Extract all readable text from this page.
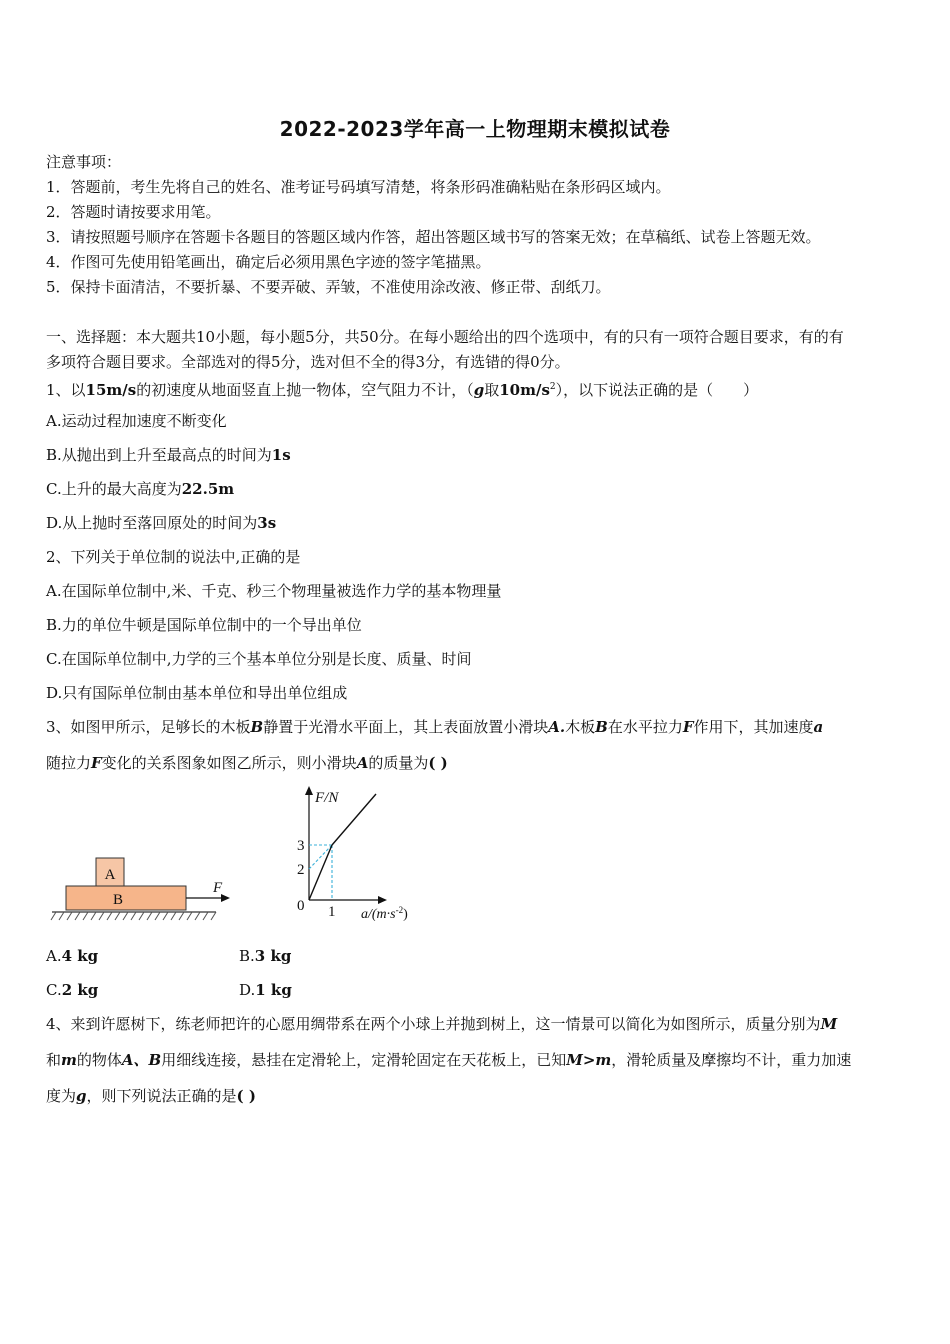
2022-2023学年高一上物理期末模拟试卷
注意事项：
1．答题前，考生先将自己的姓名、准考证号码填写清楚，将条形码准确粘贴在条形码区域内。
2．答题时请按要求用笔。
3．请按照题号顺序在答题卡各题目的答题区域内作答，超出答题区域书写的答案无效；在草稿纸、试卷上答题无效。
4．作图可先使用铅笔画出，确定后必须用黑色字迹的签字笔描黑。
5．保持卡面清洁，不要折暴、不要弄破、弄皱，不准使用涂改液、修正带、刮纸刀。
一、选择题：本大题共10小题，每小题5分，共50分。在每小题给出的四个选项中，有的只有一项符合题目要求，有的有
多项符合题目要求。全部选对的得5分，选对但不全的得3分，有选错的得0分。
1、以15m/s的初速度从地面竖直上抛一物体，空气阻力不计，（g取$10m/s^2$），以下说法正确的是（　　）
A.运动过程加速度不断变化
B.从抛出到上升至最高点的时间为1s
C.上升的最大高度为22.5m
D.从上抛时至落回原处的时间为3s
2、下列关于单位制的说法中,正确的是
A.在国际单位制中,米、千克、秒三个物理量被选作力学的基本物理量
B.力的单位牛顿是国际单位制中的一个导出单位
C.在国际单位制中,力学的三个基本单位分别是长度、质量、时间
D.只有国际单位制由基本单位和导出单位组成
3、如图甲所示，足够长的木板B静置于光滑水平面上，其上表面放置小滑块A.木板B在水平拉力F作用下，其加速度a
随拉力F变化的关系图象如图乙所示，则小滑块A的质量为( )
A
B
F
F/N
$a/(m\cdot s^{-2})$
3
2
0 1
A.4 kg	B.3 kg
C.2 kg	D.1 kg
4、来到许愿树下，练老师把许的心愿用绸带系在两个小球上并抛到树上，这一情景可以简化为如图所示，质量分别为M
和m的物体A、B用细线连接，悬挂在定滑轮上，定滑轮固定在天花板上，已知M>m，滑轮质量及摩擦均不计，重力加速
度为g，则下列说法正确的是( )
